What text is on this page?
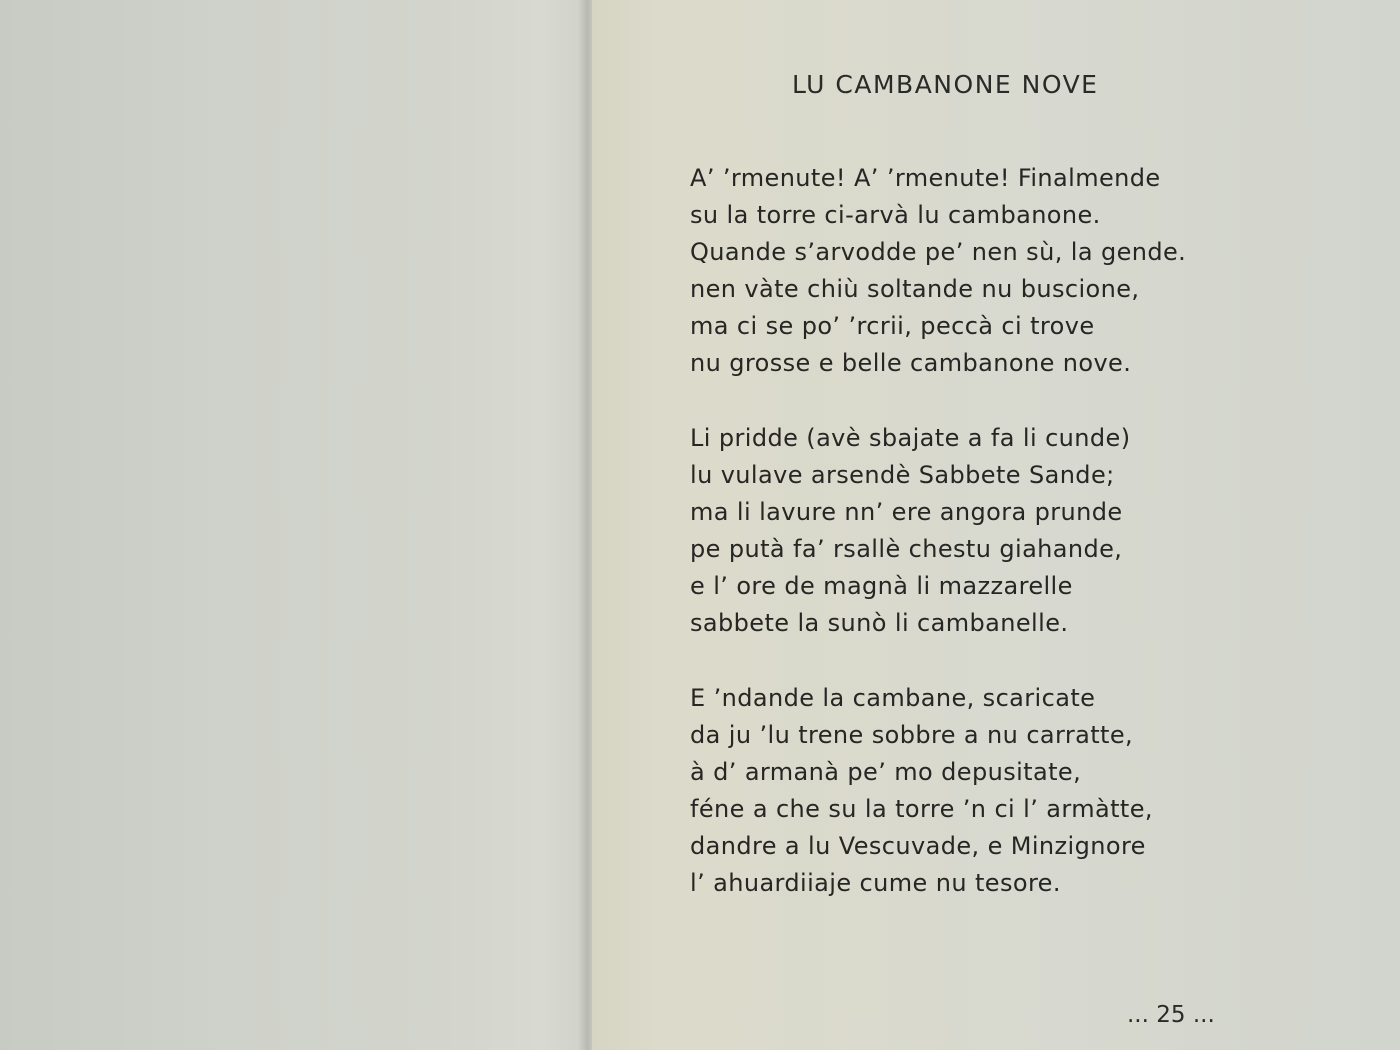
LU CAMBANONE NOVE
A’ ’rmenute! A’ ’rmenute! Finalmende
su la torre ci-arvà lu cambanone.
Quande s’arvodde pe’ nen sù, la gende.
nen vàte chiù soltande nu buscione,
ma ci se po’ ’rcrii, peccà ci trove
nu grosse e belle cambanone nove.
Li pridde (avè sbajate a fa li cunde)
lu vulave arsendè Sabbete Sande;
ma li lavure nn’ ere angora prunde
pe putà fa’ rsallè chestu giahande,
e l’ ore de magnà li mazzarelle
sabbete la sunò li cambanelle.
E ’ndande la cambane, scaricate
da ju ’lu trene sobbre a nu carratte,
à d’ armanà pe’ mo depusitate,
féne a che su la torre ’n ci l’ armàtte,
dandre a lu Vescuvade, e Minzignore
l’ ahuardiiaje cume nu tesore.
... 25 ...
